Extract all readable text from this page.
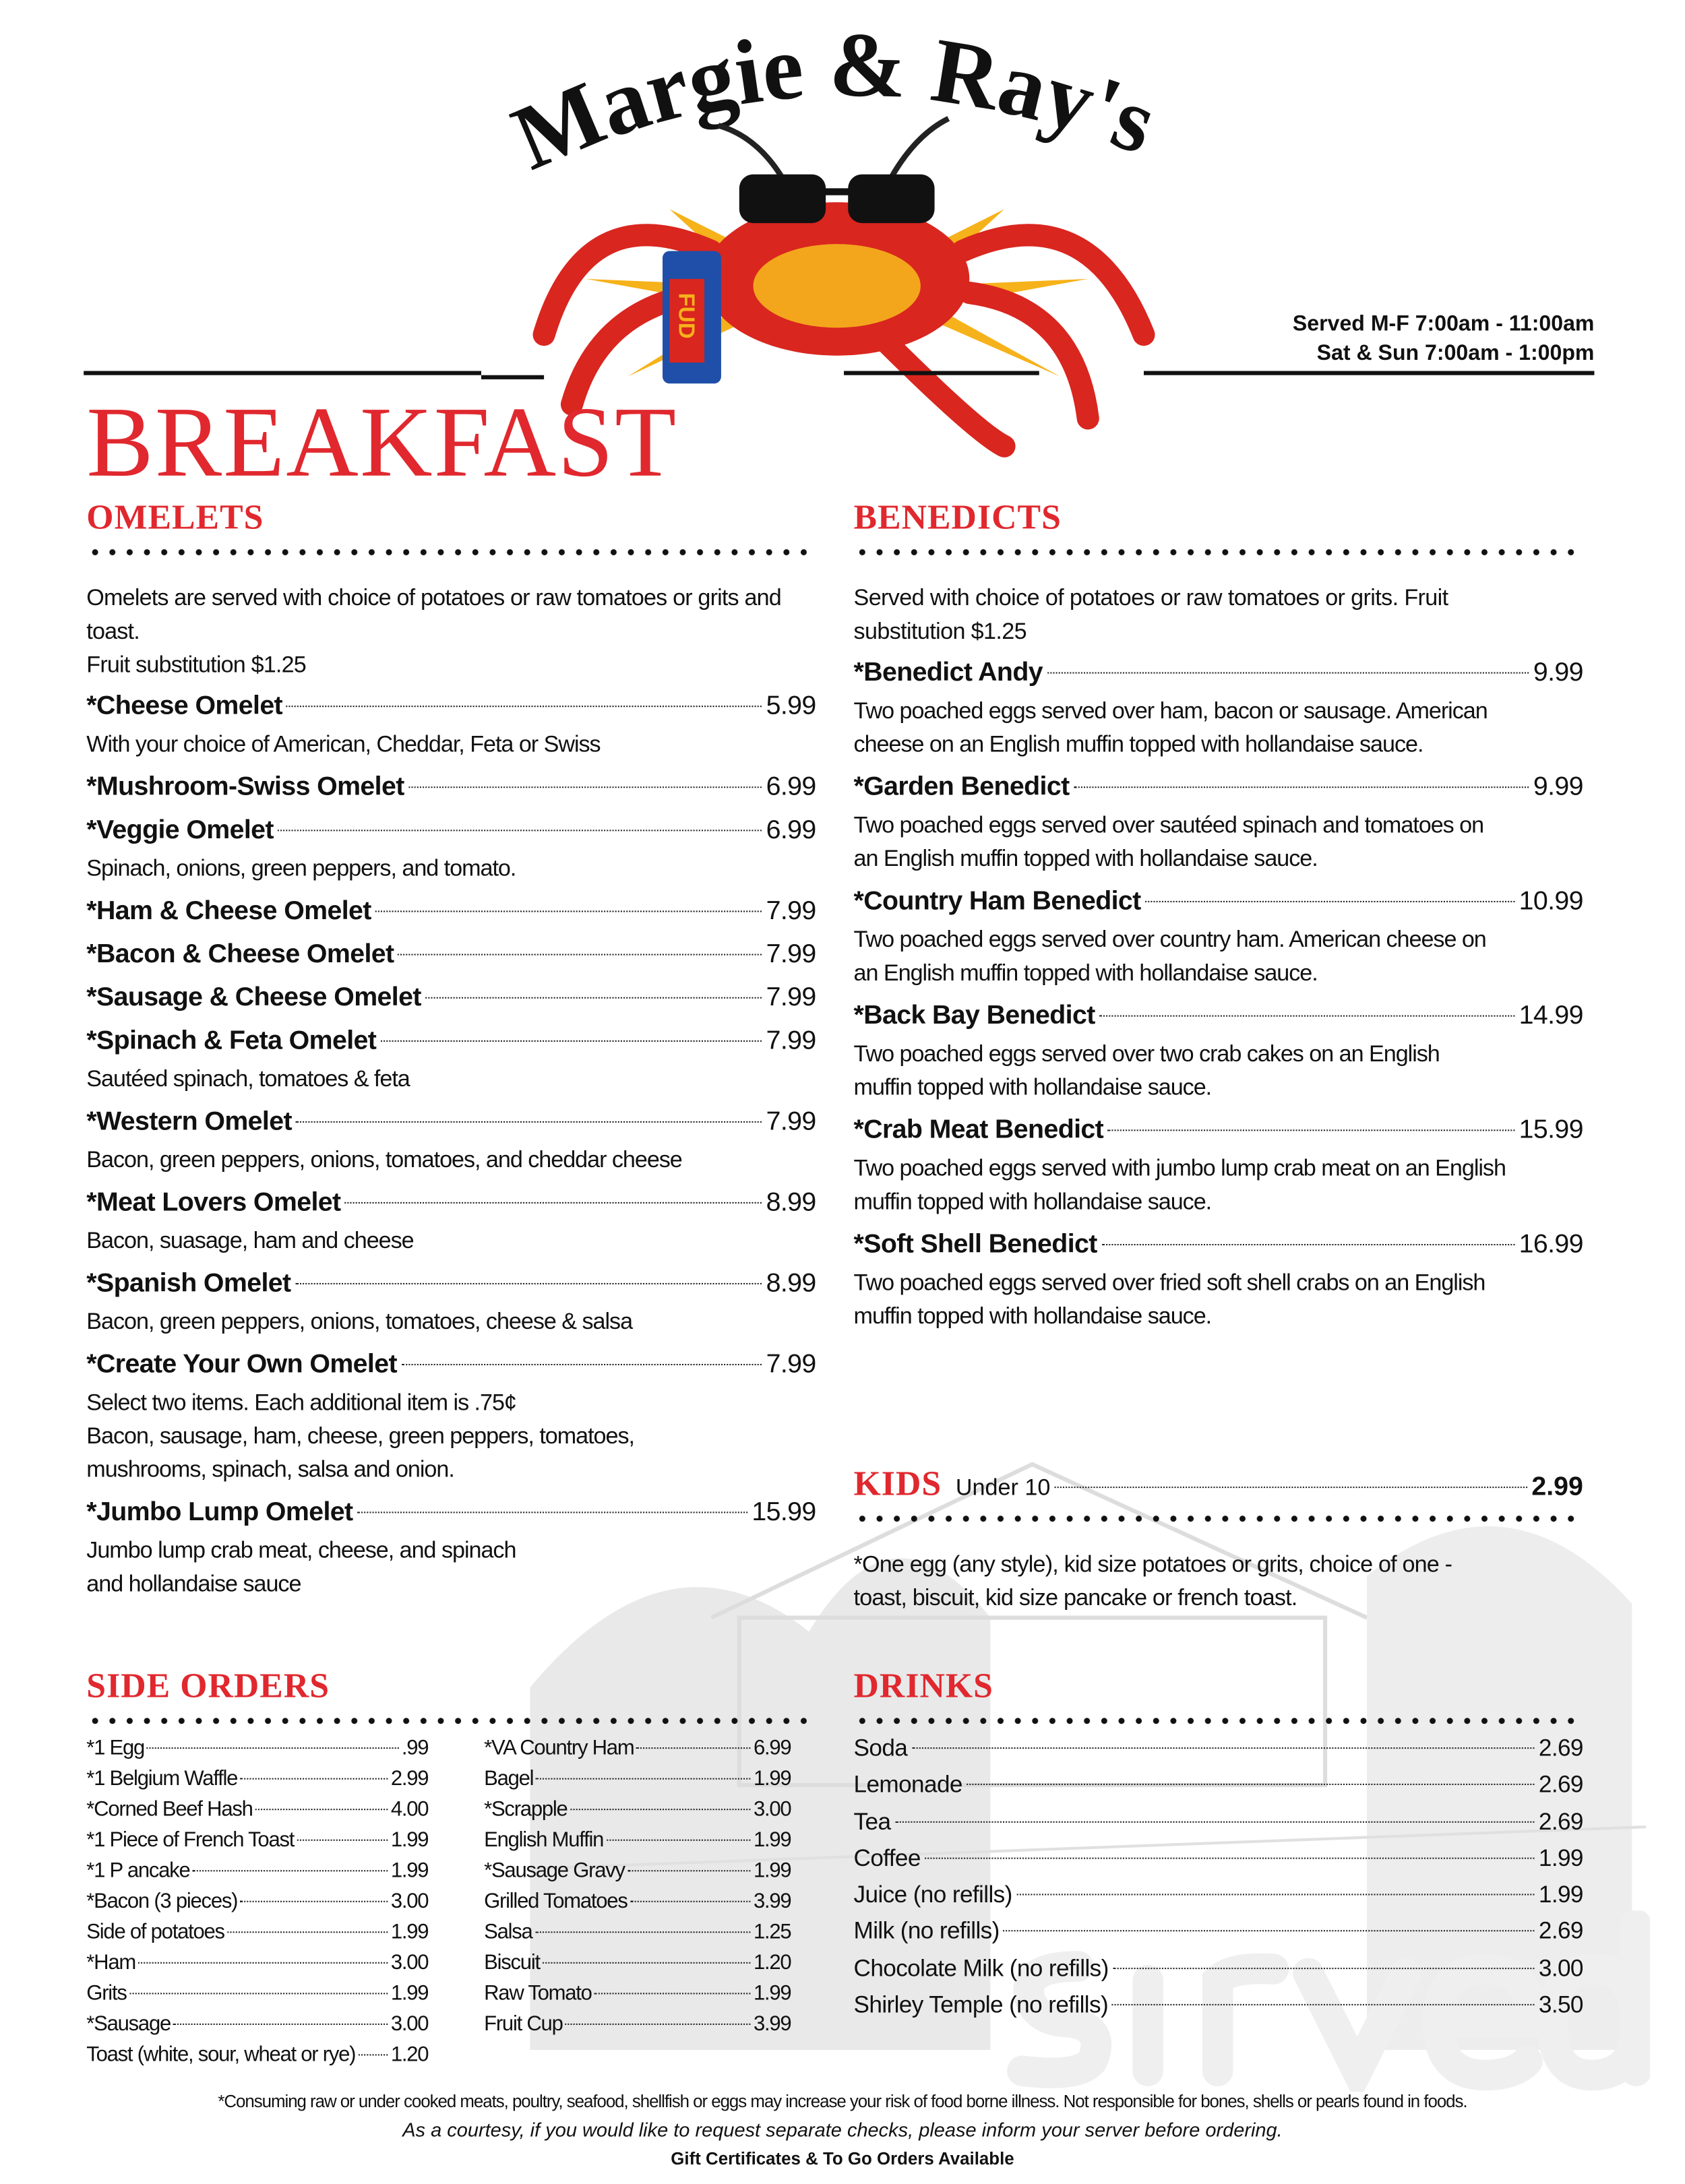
Margie & Ray's
FUD	Served M-F 7:00am - 11:00am
Sat & Sun 7:00am - 1:00pm
BREAKFAST
OMELETS
Omelets are served with choice of potatoes or raw tomatoes or grits and toast.
Fruit substitution $1.25
*Cheese Omelet	5.99
With your choice of American, Cheddar, Feta or Swiss
*Mushroom-Swiss Omelet	6.99
*Veggie Omelet	6.99
Spinach, onions, green peppers, and tomato.
*Ham & Cheese Omelet	7.99
*Bacon & Cheese Omelet	7.99
*Sausage & Cheese Omelet	7.99
*Spinach & Feta Omelet	7.99
Sautéed spinach, tomatoes & feta
*Western Omelet	7.99
Bacon, green peppers, onions, tomatoes, and cheddar cheese
*Meat Lovers Omelet	8.99
Bacon, suasage, ham and cheese
*Spanish Omelet	8.99
Bacon, green peppers, onions, tomatoes, cheese & salsa
*Create Your Own Omelet	7.99
Select two items. Each additional item is .75¢
Bacon, sausage, ham, cheese, green peppers, tomatoes,
mushrooms, spinach, salsa and onion.
*Jumbo Lump Omelet	15.99
Jumbo lump crab meat, cheese, and spinach
and hollandaise sauce
BENEDICTS
Served with choice of potatoes or raw tomatoes or grits. Fruit
substitution $1.25
*Benedict Andy	9.99
Two poached eggs served over ham, bacon or sausage. American
cheese on an English muffin topped with hollandaise sauce.
*Garden Benedict	9.99
Two poached eggs served over sautéed spinach and tomatoes on
an English muffin topped with hollandaise sauce.
*Country Ham Benedict	10.99
Two poached eggs served over country ham. American cheese on
an English muffin topped with hollandaise sauce.
*Back Bay Benedict	14.99
Two poached eggs served over two crab cakes on an English
muffin topped with hollandaise sauce.
*Crab Meat Benedict	15.99
Two poached eggs served with jumbo lump crab meat on an English
muffin topped with hollandaise sauce.
*Soft Shell Benedict	16.99
Two poached eggs served over fried soft shell crabs on an English
muffin topped with hollandaise sauce.
KIDS Under 10	2.99
*One egg (any style), kid size potatoes or grits, choice of one -
toast, biscuit, kid size pancake or french toast.
SIDE ORDERS
*1 Egg	.99
*1 Belgium Waffle	2.99
*Corned Beef Hash	4.00
*1 Piece of French Toast	1.99
*1 P ancake	1.99
*Bacon (3 pieces)	3.00
Side of potatoes	1.99
*Ham	3.00
Grits	1.99
*Sausage	3.00
Toast (white, sour, wheat or rye)	1.20
*VA Country Ham	6.99
Bagel	1.99
*Scrapple	3.00
English Muffin	1.99
*Sausage Gravy	1.99
Grilled Tomatoes	3.99
Salsa	1.25
Biscuit	1.20
Raw Tomato	1.99
Fruit Cup	3.99
DRINKS
Soda	2.69
Lemonade	2.69
Tea	2.69
Coffee	1.99
Juice (no refills)	1.99
Milk (no refills)	2.69
Chocolate Milk (no refills)	3.00
Shirley Temple (no refills)	3.50
*Consuming raw or under cooked meats, poultry, seafood, shellfish or eggs may increase your risk of food borne illness. Not responsible for bones, shells or pearls found in foods.
As a courtesy, if you would like to request separate checks, please inform your server before ordering.
Gift Certificates & To Go Orders Available
